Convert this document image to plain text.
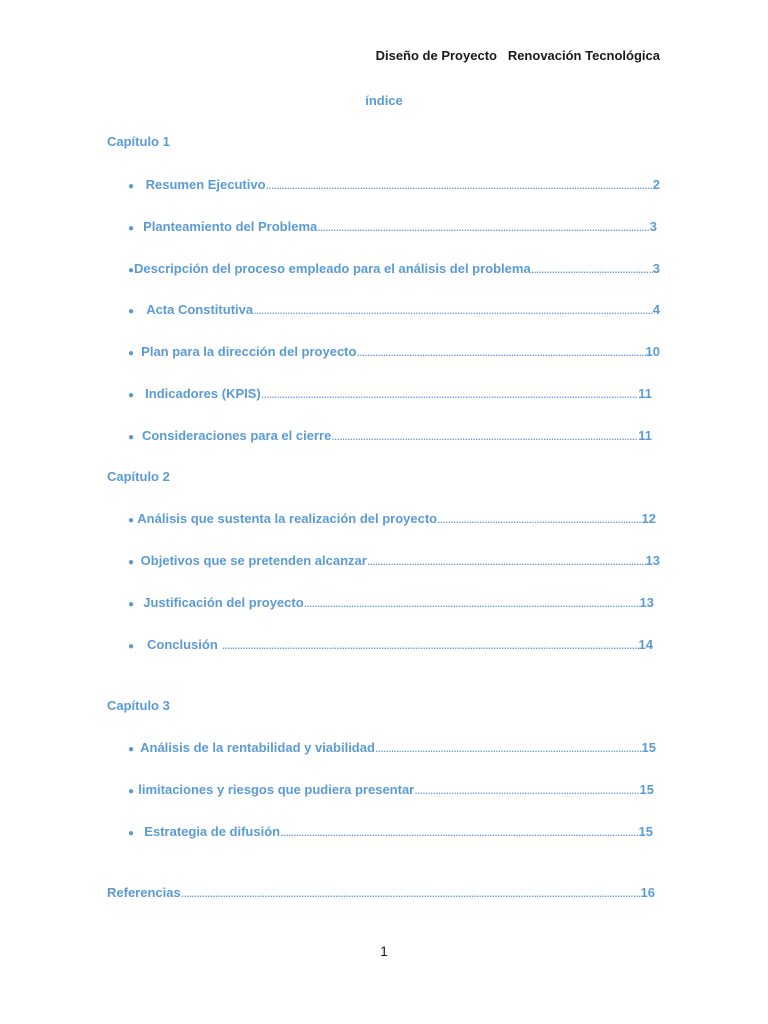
Diseño de Proyecto Renovación Tecnológica
índice
Capítulo 1
● Resumen Ejecutivo .....	2
● Planteamiento del Problema .....	3
● Descripción del proceso empleado para el análisis del problema .....	3
● Acta Constitutiva .....	4
● Plan para la dirección del proyecto .....	10
● Indicadores (KPIS) .....	11
● Consideraciones para el cierre .....	11
Capítulo 2
● Análisis que sustenta la realización del proyecto .....	12
● Objetivos que se pretenden alcanzar .....	13
● Justificación del proyecto .....	13
● Conclusión .....	14
Capítulo 3
● Análisis de la rentabilidad y viabilidad .....	15
● limitaciones y riesgos que pudiera presentar .....	15
● Estrategia de difusión .....	15
Referencias .....	16
1
